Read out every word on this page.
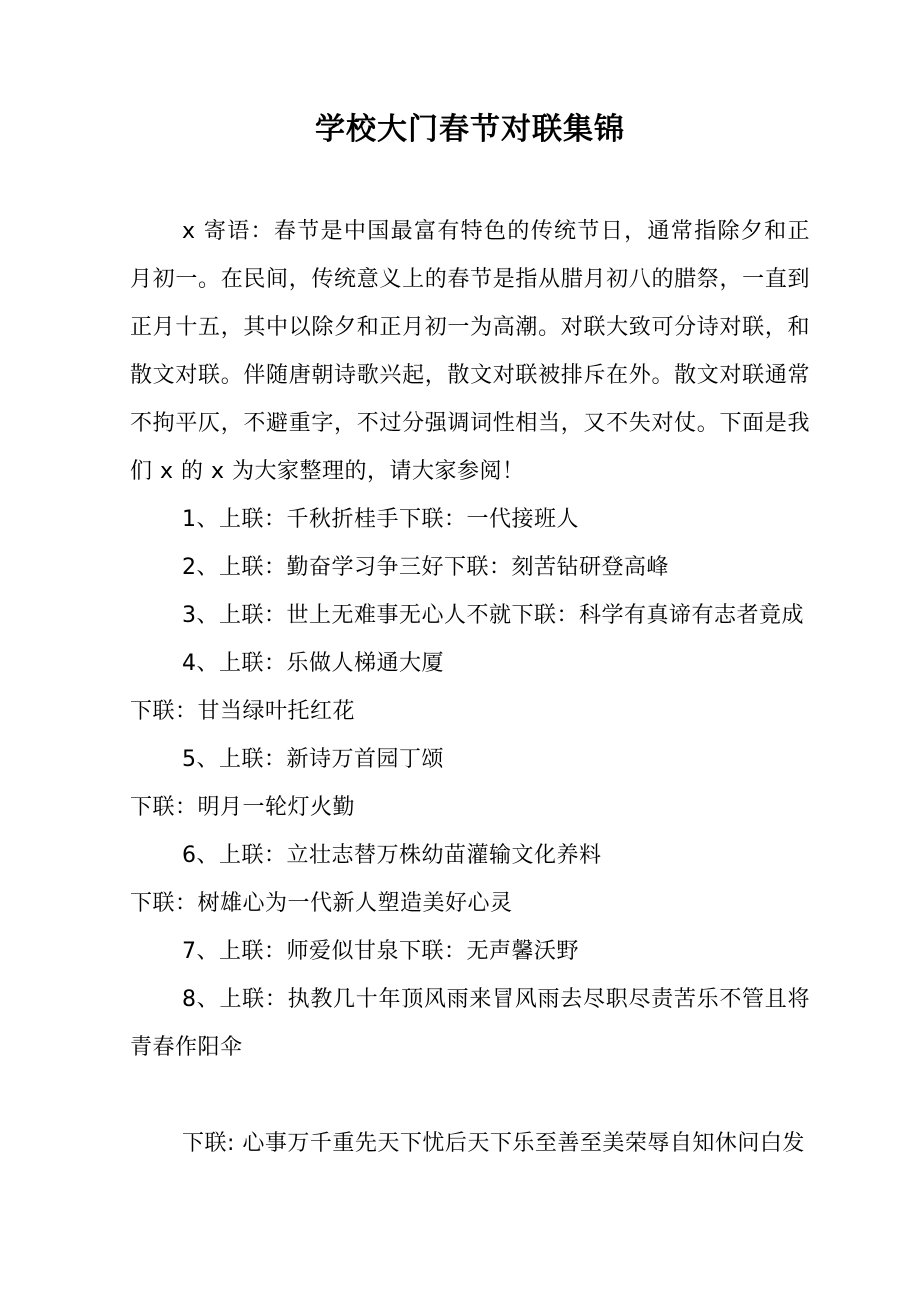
学校大门春节对联集锦

x 寄语：春节是中国最富有特色的传统节日，通常指除夕和正月初一。在民间，传统意义上的春节是指从腊月初八的腊祭，一直到正月十五，其中以除夕和正月初一为高潮。对联大致可分诗对联，和散文对联。伴随唐朝诗歌兴起，散文对联被排斥在外。散文对联通常不拘平仄，不避重字，不过分强调词性相当，又不失对仗。下面是我们 x 的 x 为大家整理的，请大家参阅！

1、上联：千秋折桂手下联：一代接班人

2、上联：勤奋学习争三好下联：刻苦钻研登高峰

3、上联：世上无难事无心人不就下联：科学有真谛有志者竟成

4、上联：乐做人梯通大厦

下联：甘当绿叶托红花

5、上联：新诗万首园丁颂

下联：明月一轮灯火勤

6、上联：立壮志替万株幼苗灌输文化养料

下联：树雄心为一代新人塑造美好心灵

7、上联：师爱似甘泉下联：无声馨沃野

8、上联：执教几十年顶风雨来冒风雨去尽职尽责苦乐不管且将青春作阳伞

下联: 心事万千重先天下忧后天下乐至善至美荣辱自知休问白发
